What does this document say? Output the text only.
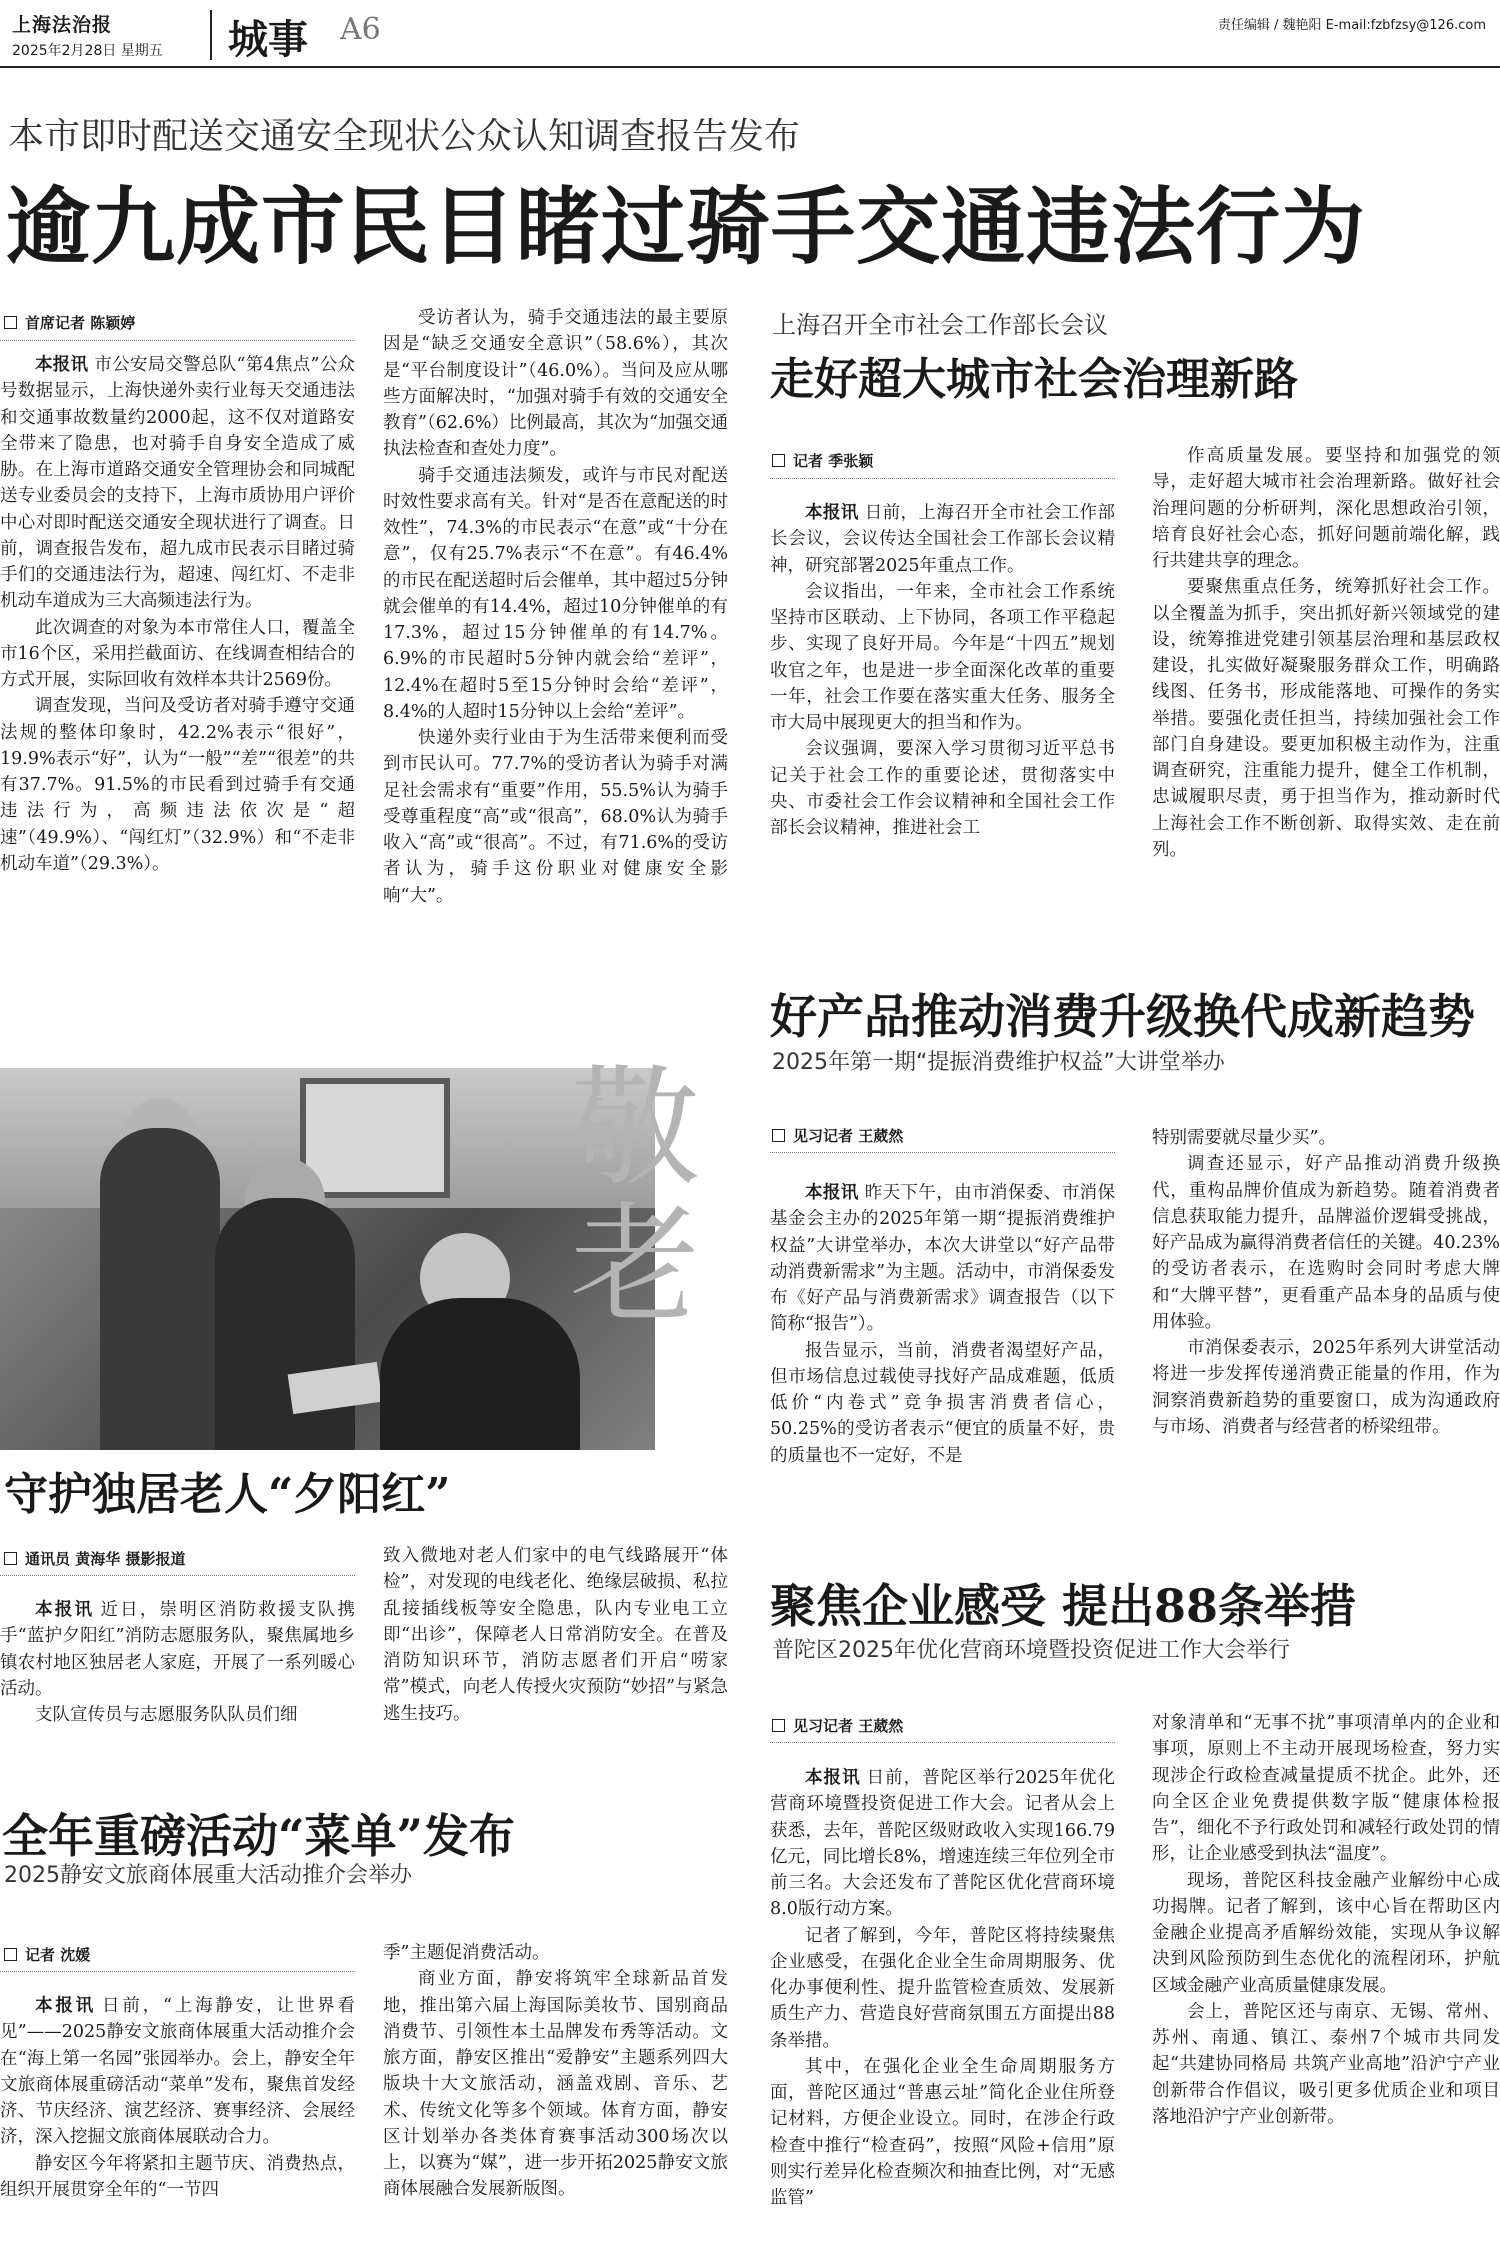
上海法治报
2025年2月28日 星期五 城事 A6	责任编辑 / 魏艳阳 E-mail:fzbfzsy@126.com
本市即时配送交通安全现状公众认知调查报告发布
逾九成市民目睹过骑手交通违法行为
首席记者 陈颖婷

本报讯 市公安局交警总队“第4焦点”公众号数据显示，上海快递外卖行业每天交通违法和交通事故数量约2000起，这不仅对道路安全带来了隐患，也对骑手自身安全造成了威胁。在上海市道路交通安全管理协会和同城配送专业委员会的支持下，上海市质协用户评价中心对即时配送交通安全现状进行了调查。日前，调查报告发布，超九成市民表示目睹过骑手们的交通违法行为，超速、闯红灯、不走非机动车道成为三大高频违法行为。

此次调查的对象为本市常住人口，覆盖全市16个区，采用拦截面访、在线调查相结合的方式开展，实际回收有效样本共计2569份。

调查发现，当问及受访者对骑手遵守交通法规的整体印象时，42.2%表示“很好”，19.9%表示“好”，认为“一般”“差”“很差”的共有37.7%。91.5%的市民看到过骑手有交通违法行为，高频违法依次是“超速”（49.9%）、“闯红灯”（32.9%）和“不走非机动车道”（29.3%）。

受访者认为，骑手交通违法的最主要原因是“缺乏交通安全意识”（58.6%），其次是“平台制度设计”（46.0%）。当问及应从哪些方面解决时，“加强对骑手有效的交通安全教育”（62.6%）比例最高，其次为“加强交通执法检查和查处力度”。

骑手交通违法频发，或许与市民对配送时效性要求高有关。针对“是否在意配送的时效性”，74.3%的市民表示“在意”或“十分在意”，仅有25.7%表示“不在意”。有46.4%的市民在配送超时后会催单，其中超过5分钟就会催单的有14.4%，超过10分钟催单的有17.3%，超过15分钟催单的有14.7%。6.9%的市民超时5分钟内就会给“差评”，12.4%在超时5至15分钟时会给“差评”，8.4%的人超时15分钟以上会给“差评”。

快递外卖行业由于为生活带来便利而受到市民认可。77.7%的受访者认为骑手对满足社会需求有“重要”作用，55.5%认为骑手受尊重程度“高”或“很高”，68.0%认为骑手收入“高”或“很高”。不过，有71.6%的受访者认为，骑手这份职业对健康安全影响“大”。

上海召开全市社会工作部长会议
走好超大城市社会治理新路
记者 季张颖

本报讯 日前，上海召开全市社会工作部长会议，会议传达全国社会工作部长会议精神，研究部署2025年重点工作。

会议指出，一年来，全市社会工作系统坚持市区联动、上下协同，各项工作平稳起步、实现了良好开局。今年是“十四五”规划收官之年，也是进一步全面深化改革的重要一年，社会工作要在落实重大任务、服务全市大局中展现更大的担当和作为。

会议强调，要深入学习贯彻习近平总书记关于社会工作的重要论述，贯彻落实中央、市委社会工作会议精神和全国社会工作部长会议精神，推进社会工

作高质量发展。要坚持和加强党的领导，走好超大城市社会治理新路。做好社会治理问题的分析研判，深化思想政治引领，培育良好社会心态，抓好问题前端化解，践行共建共享的理念。

要聚焦重点任务，统筹抓好社会工作。以全覆盖为抓手，突出抓好新兴领域党的建设，统筹推进党建引领基层治理和基层政权建设，扎实做好凝聚服务群众工作，明确路线图、任务书，形成能落地、可操作的务实举措。要强化责任担当，持续加强社会工作部门自身建设。要更加积极主动作为，注重调查研究，注重能力提升，健全工作机制，忠诚履职尽责，勇于担当作为，推动新时代上海社会工作不断创新、取得实效、走在前列。

好产品推动消费升级换代成新趋势
2025年第一期“提振消费维护权益”大讲堂举办
见习记者 王葳然

本报讯 昨天下午，由市消保委、市消保基金会主办的2025年第一期“提振消费维护权益”大讲堂举办，本次大讲堂以“好产品带动消费新需求”为主题。活动中，市消保委发布《好产品与消费新需求》调查报告（以下简称“报告”）。

报告显示，当前，消费者渴望好产品，但市场信息过载使寻找好产品成难题，低质低价“内卷式”竞争损害消费者信心，50.25%的受访者表示“便宜的质量不好，贵的质量也不一定好，不是

特别需要就尽量少买”。

调查还显示，好产品推动消费升级换代，重构品牌价值成为新趋势。随着消费者信息获取能力提升，品牌溢价逻辑受挑战，好产品成为赢得消费者信任的关键。40.23%的受访者表示，在选购时会同时考虑大牌和“大牌平替”，更看重产品本身的品质与使用体验。

市消保委表示，2025年系列大讲堂活动将进一步发挥传递消费正能量的作用，作为洞察消费新趋势的重要窗口，成为沟通政府与市场、消费者与经营者的桥梁纽带。

敬
老
守护独居老人“夕阳红”
通讯员 黄海华 摄影报道

本报讯 近日，崇明区消防救援支队携手“蓝护夕阳红”消防志愿服务队，聚焦属地乡镇农村地区独居老人家庭，开展了一系列暖心活动。

支队宣传员与志愿服务队队员们细

致入微地对老人们家中的电气线路展开“体检”，对发现的电线老化、绝缘层破损、私拉乱接插线板等安全隐患，队内专业电工立即“出诊”，保障老人日常消防安全。在普及消防知识环节，消防志愿者们开启“唠家常”模式，向老人传授火灾预防“妙招”与紧急逃生技巧。

全年重磅活动“菜单”发布
2025静安文旅商体展重大活动推介会举办
记者 沈媛

本报讯 日前，“上海静安，让世界看见”——2025静安文旅商体展重大活动推介会在“海上第一名园”张园举办。会上，静安全年文旅商体展重磅活动“菜单”发布，聚焦首发经济、节庆经济、演艺经济、赛事经济、会展经济，深入挖掘文旅商体展联动合力。

静安区今年将紧扣主题节庆、消费热点，组织开展贯穿全年的“一节四

季”主题促消费活动。

商业方面，静安将筑牢全球新品首发地，推出第六届上海国际美妆节、国别商品消费节、引领性本土品牌发布秀等活动。文旅方面，静安区推出“爱静安”主题系列四大版块十大文旅活动，涵盖戏剧、音乐、艺术、传统文化等多个领域。体育方面，静安区计划举办各类体育赛事活动300场次以上，以赛为“媒”，进一步开拓2025静安文旅商体展融合发展新版图。

聚焦企业感受 提出88条举措
普陀区2025年优化营商环境暨投资促进工作大会举行
见习记者 王葳然

本报讯 日前，普陀区举行2025年优化营商环境暨投资促进工作大会。记者从会上获悉，去年，普陀区级财政收入实现166.79亿元，同比增长8%，增速连续三年位列全市前三名。大会还发布了普陀区优化营商环境8.0版行动方案。

记者了解到，今年，普陀区将持续聚焦企业感受，在强化企业全生命周期服务、优化办事便利性、提升监管检查质效、发展新质生产力、营造良好营商氛围五方面提出88条举措。

其中，在强化企业全生命周期服务方面，普陀区通过“普惠云址”简化企业住所登记材料，方便企业设立。同时，在涉企行政检查中推行“检查码”，按照“风险+信用”原则实行差异化检查频次和抽查比例，对“无感监管”

对象清单和“无事不扰”事项清单内的企业和事项，原则上不主动开展现场检查，努力实现涉企行政检查减量提质不扰企。此外，还向全区企业免费提供数字版“健康体检报告”，细化不予行政处罚和减轻行政处罚的情形，让企业感受到执法“温度”。

现场，普陀区科技金融产业解纷中心成功揭牌。记者了解到，该中心旨在帮助区内金融企业提高矛盾解纷效能，实现从争议解决到风险预防到生态优化的流程闭环，护航区域金融产业高质量健康发展。

会上，普陀区还与南京、无锡、常州、苏州、南通、镇江、泰州7个城市共同发起“共建协同格局 共筑产业高地”沿沪宁产业创新带合作倡议，吸引更多优质企业和项目落地沿沪宁产业创新带。
